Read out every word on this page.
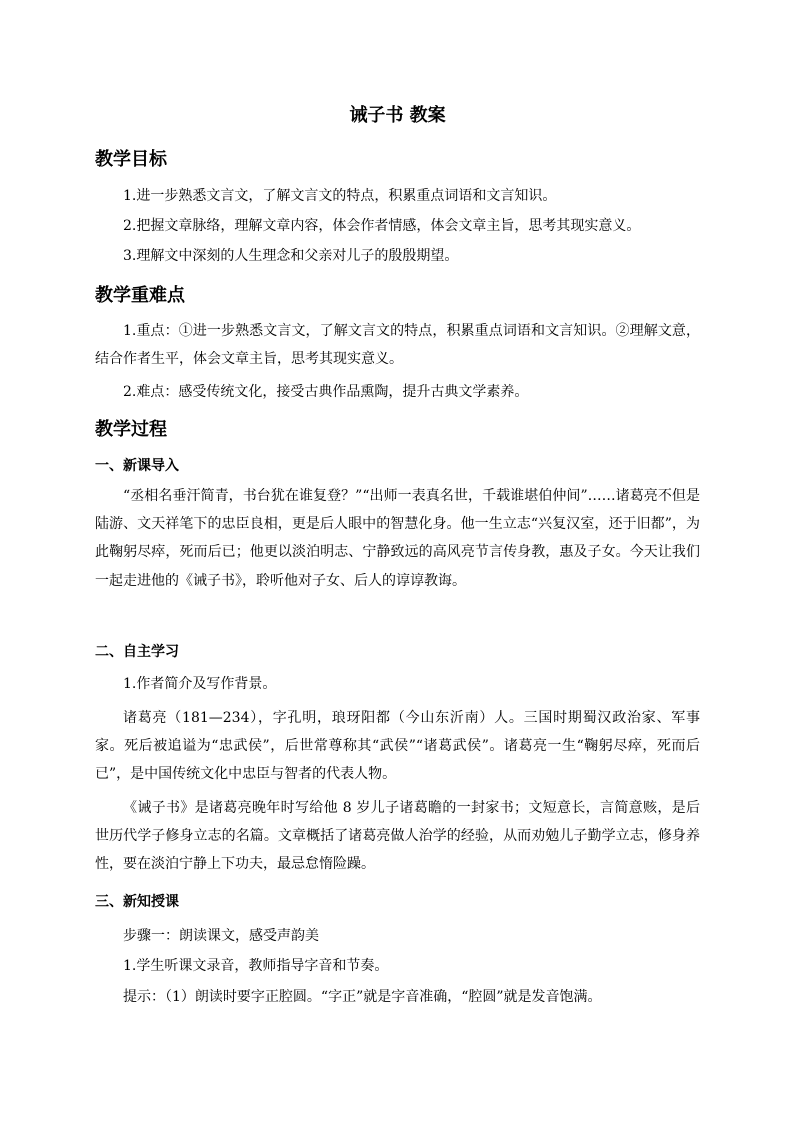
诫子书 教案
教学目标

1.进一步熟悉文言文，了解文言文的特点，积累重点词语和文言知识。

2.把握文章脉络，理解文章内容，体会作者情感，体会文章主旨，思考其现实意义。

3.理解文中深刻的人生理念和父亲对儿子的殷殷期望。

教学重难点

1.重点：①进一步熟悉文言文，了解文言文的特点，积累重点词语和文言知识。②理解文意，结合作者生平，体会文章主旨，思考其现实意义。

2.难点：感受传统文化，接受古典作品熏陶，提升古典文学素养。

教学过程
一、新课导入

“丞相名垂汗简青，书台犹在谁复登？”“出师一表真名世，千载谁堪伯仲间”……诸葛亮不但是陆游、文天祥笔下的忠臣良相，更是后人眼中的智慧化身。他一生立志“兴复汉室，还于旧都”，为此鞠躬尽瘁，死而后已；他更以淡泊明志、宁静致远的高风亮节言传身教，惠及子女。今天让我们一起走进他的《诫子书》，聆听他对子女、后人的谆谆教诲。

二、自主学习

1.作者简介及写作背景。

诸葛亮（181—234），字孔明，琅玡阳都（今山东沂南）人。三国时期蜀汉政治家、军事家。死后被追谥为“忠武侯”，后世常尊称其“武侯”“诸葛武侯”。诸葛亮一生“鞠躬尽瘁，死而后已”，是中国传统文化中忠臣与智者的代表人物。

《诫子书》是诸葛亮晚年时写给他 8 岁儿子诸葛瞻的一封家书；文短意长，言简意赅，是后世历代学子修身立志的名篇。文章概括了诸葛亮做人治学的经验，从而劝勉儿子勤学立志，修身养性，要在淡泊宁静上下功夫，最忌怠惰险躁。

三、新知授课

步骤一：朗读课文，感受声韵美

1.学生听课文录音，教师指导字音和节奏。

提示：（1）朗读时要字正腔圆。“字正”就是字音准确，“腔圆”就是发音饱满。
